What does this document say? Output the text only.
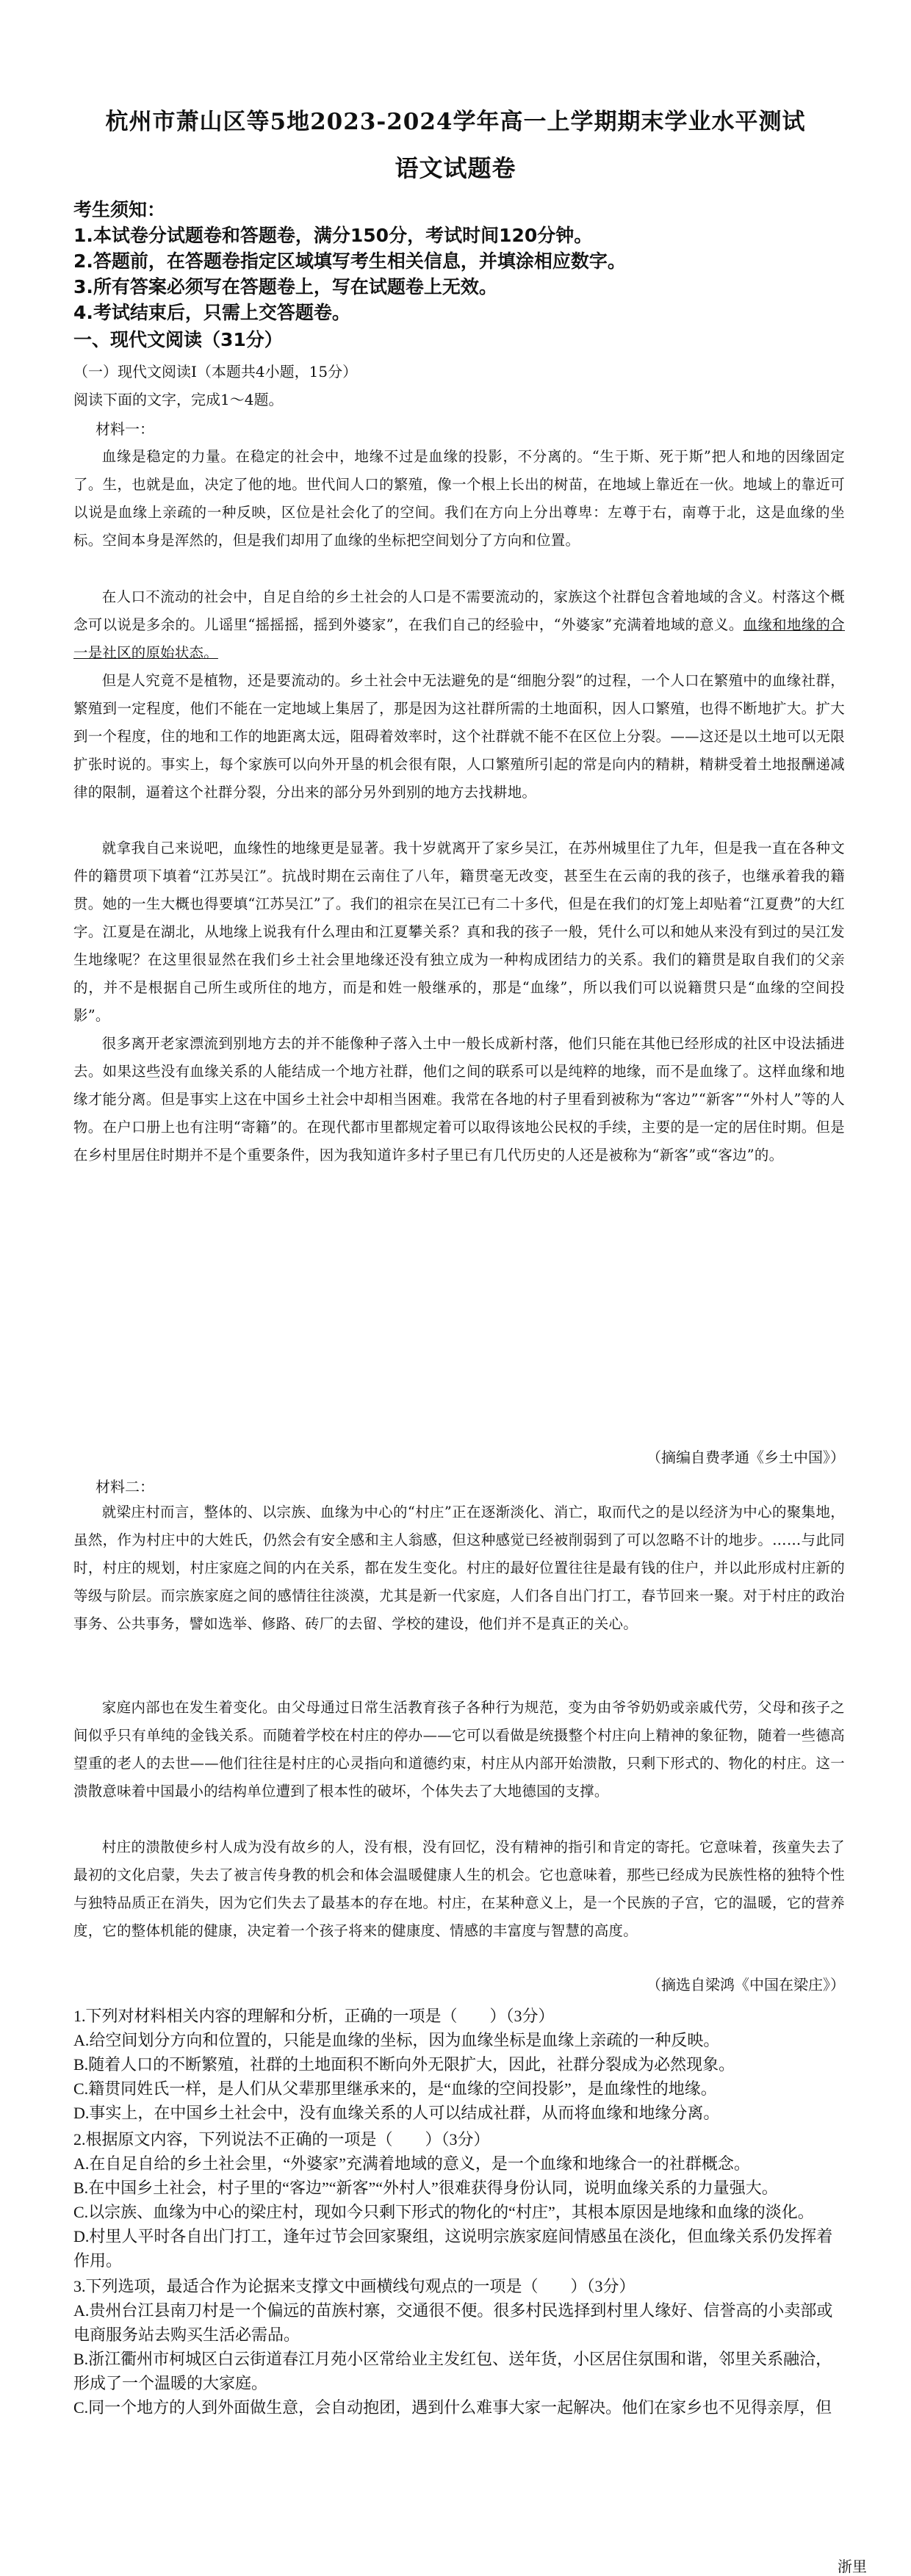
杭州市萧山区等5地2023-2024学年高一上学期期末学业水平测试
语文试题卷
考生须知：
1.本试卷分试题卷和答题卷，满分150分，考试时间120分钟。
2.答题前，在答题卷指定区域填写考生相关信息，并填涂相应数字。
3.所有答案必须写在答题卷上，写在试题卷上无效。
4.考试结束后，只需上交答题卷。
一、现代文阅读（31分）
（一）现代文阅读Ⅰ（本题共4小题，15分）
阅读下面的文字，完成1～4题。
材料一：

血缘是稳定的力量。在稳定的社会中，地缘不过是血缘的投影，不分离的。“生于斯、死于斯”把人和地的因缘固定了。生，也就是血，决定了他的地。世代间人口的繁殖，像一个根上长出的树苗，在地域上靠近在一伙。地域上的靠近可以说是血缘上亲疏的一种反映，区位是社会化了的空间。我们在方向上分出尊卑：左尊于右，南尊于北，这是血缘的坐标。空间本身是浑然的，但是我们却用了血缘的坐标把空间划分了方向和位置。

在人口不流动的社会中，自足自给的乡土社会的人口是不需要流动的，家族这个社群包含着地域的含义。村落这个概念可以说是多余的。儿谣里“摇摇摇，摇到外婆家”，在我们自己的经验中，“外婆家”充满着地域的意义。血缘和地缘的合一是社区的原始状态。

但是人究竟不是植物，还是要流动的。乡土社会中无法避免的是“细胞分裂”的过程，一个人口在繁殖中的血缘社群，繁殖到一定程度，他们不能在一定地域上集居了，那是因为这社群所需的土地面积，因人口繁殖，也得不断地扩大。扩大到一个程度，住的地和工作的地距离太远，阻碍着效率时，这个社群就不能不在区位上分裂。——这还是以土地可以无限扩张时说的。事实上，每个家族可以向外开垦的机会很有限，人口繁殖所引起的常是向内的精耕，精耕受着土地报酬递减律的限制，逼着这个社群分裂，分出来的部分另外到别的地方去找耕地。

就拿我自己来说吧，血缘性的地缘更是显著。我十岁就离开了家乡吴江，在苏州城里住了九年，但是我一直在各种文件的籍贯项下填着“江苏吴江”。抗战时期在云南住了八年，籍贯毫无改变，甚至生在云南的我的孩子，也继承着我的籍贯。她的一生大概也得要填“江苏吴江”了。我们的祖宗在吴江已有二十多代，但是在我们的灯笼上却贴着“江夏费”的大红字。江夏是在湖北，从地缘上说我有什么理由和江夏攀关系？真和我的孩子一般，凭什么可以和她从来没有到过的吴江发生地缘呢？在这里很显然在我们乡土社会里地缘还没有独立成为一种构成团结力的关系。我们的籍贯是取自我们的父亲的，并不是根据自己所生或所住的地方，而是和姓一般继承的，那是“血缘”，所以我们可以说籍贯只是“血缘的空间投影”。

很多离开老家漂流到别地方去的并不能像种子落入土中一般长成新村落，他们只能在其他已经形成的社区中设法插进去。如果这些没有血缘关系的人能结成一个地方社群，他们之间的联系可以是纯粹的地缘，而不是血缘了。这样血缘和地缘才能分离。但是事实上这在中国乡土社会中却相当困难。我常在各地的村子里看到被称为“客边”“新客”“外村人”等的人物。在户口册上也有注明“寄籍”的。在现代都市里都规定着可以取得该地公民权的手续，主要的是一定的居住时期。但是在乡村里居住时期并不是个重要条件，因为我知道许多村子里已有几代历史的人还是被称为“新客”或“客边”的。

（摘编自费孝通《乡土中国》）
材料二：

就梁庄村而言，整体的、以宗族、血缘为中心的“村庄”正在逐渐淡化、消亡，取而代之的是以经济为中心的聚集地，虽然，作为村庄中的大姓氏，仍然会有安全感和主人翁感，但这种感觉已经被削弱到了可以忽略不计的地步。……与此同时，村庄的规划，村庄家庭之间的内在关系，都在发生变化。村庄的最好位置往往是最有钱的住户，并以此形成村庄新的等级与阶层。而宗族家庭之间的感情往往淡漠，尤其是新一代家庭，人们各自出门打工，春节回来一聚。对于村庄的政治事务、公共事务，譬如选举、修路、砖厂的去留、学校的建设，他们并不是真正的关心。

家庭内部也在发生着变化。由父母通过日常生活教育孩子各种行为规范，变为由爷爷奶奶或亲戚代劳，父母和孩子之间似乎只有单纯的金钱关系。而随着学校在村庄的停办——它可以看做是统摄整个村庄向上精神的象征物，随着一些德高望重的老人的去世——他们往往是村庄的心灵指向和道德约束，村庄从内部开始溃散，只剩下形式的、物化的村庄。这一溃散意味着中国最小的结构单位遭到了根本性的破坏，个体失去了大地德国的支撑。

村庄的溃散使乡村人成为没有故乡的人，没有根，没有回忆，没有精神的指引和肯定的寄托。它意味着，孩童失去了最初的文化启蒙，失去了被言传身教的机会和体会温暖健康人生的机会。它也意味着，那些已经成为民族性格的独特个性与独特品质正在消失，因为它们失去了最基本的存在地。村庄，在某种意义上，是一个民族的子宫，它的温暖，它的营养度，它的整体机能的健康，决定着一个孩子将来的健康度、情感的丰富度与智慧的高度。

（摘选自梁鸿《中国在梁庄》）
1.下列对材料相关内容的理解和分析，正确的一项是（　　）（3分）
A.给空间划分方向和位置的，只能是血缘的坐标，因为血缘坐标是血缘上亲疏的一种反映。
B.随着人口的不断繁殖，社群的土地面积不断向外无限扩大，因此，社群分裂成为必然现象。
C.籍贯同姓氏一样，是人们从父辈那里继承来的，是“血缘的空间投影”，是血缘性的地缘。
D.事实上，在中国乡土社会中，没有血缘关系的人可以结成社群，从而将血缘和地缘分离。
2.根据原文内容，下列说法不正确的一项是（　　）（3分）
A.在自足自给的乡土社会里，“外婆家”充满着地域的意义，是一个血缘和地缘合一的社群概念。
B.在中国乡土社会，村子里的“客边”“新客”“外村人”很难获得身份认同，说明血缘关系的力量强大。
C.以宗族、血缘为中心的梁庄村，现如今只剩下形式的物化的“村庄”，其根本原因是地缘和血缘的淡化。
D.村里人平时各自出门打工，逢年过节会回家聚组，这说明宗族家庭间情感虽在淡化，但血缘关系仍发挥着作用。
3.下列选项，最适合作为论据来支撑文中画横线句观点的一项是（　　）（3分）
A.贵州台江县南刀村是一个偏远的苗族村寨，交通很不便。很多村民选择到村里人缘好、信誉高的小卖部或电商服务站去购买生活必需品。
B.浙江衢州市柯城区白云街道春江月苑小区常给业主发红包、送年货，小区居住氛围和谐，邻里关系融洽，形成了一个温暖的大家庭。
C.同一个地方的人到外面做生意，会自动抱团，遇到什么难事大家一起解决。他们在家乡也不见得亲厚，但
浙里
